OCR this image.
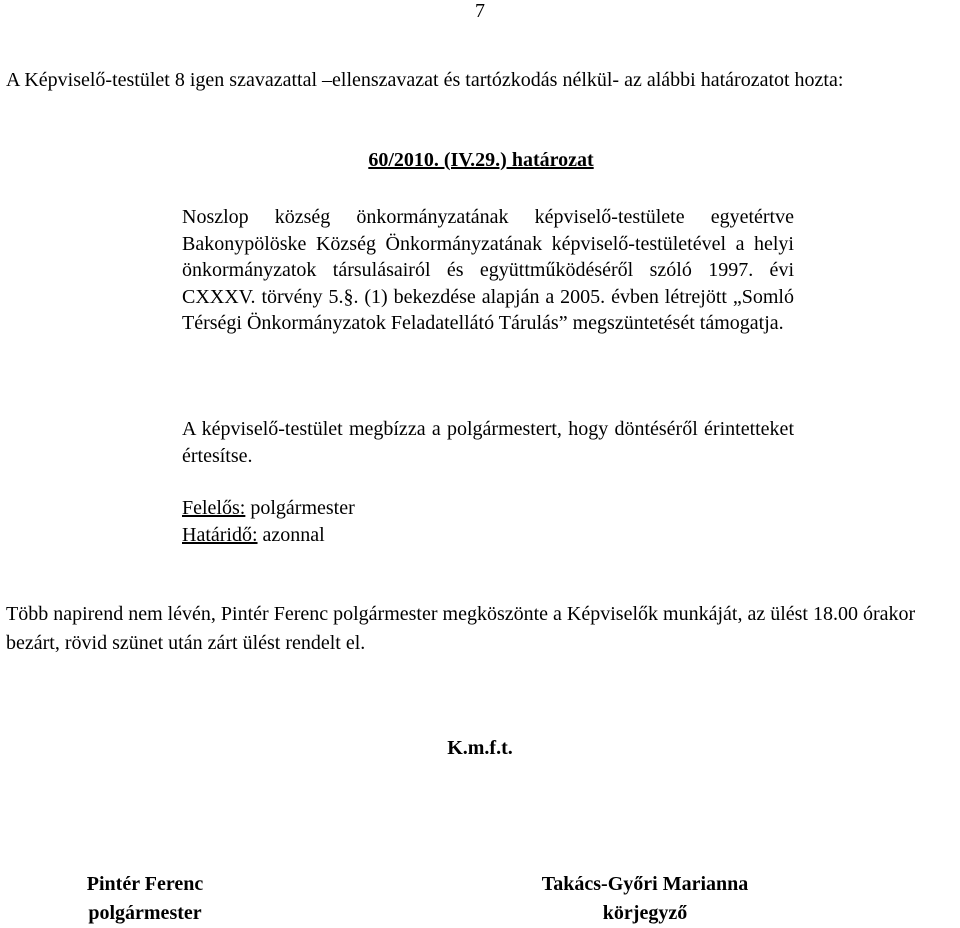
7
A Képviselő-testület 8 igen szavazattal –ellenszavazat és tartózkodás nélkül- az alábbi határozatot hozta:
60/2010. (IV.29.) határozat
Noszlop község önkormányzatának képviselő-testülete egyetértve Bakonypölöske Község Önkormányzatának képviselő-testületével a helyi önkormányzatok társulásairól és együttműködéséről szóló 1997. évi CXXXV. törvény 5.§. (1) bekezdése alapján a 2005. évben létrejött „Somló Térségi Önkormányzatok Feladatellátó Tárulás” megszüntetését támogatja.
A képviselő-testület megbízza a polgármestert, hogy döntéséről érintetteket értesítse.
Felelős: polgármester
Határidő: azonnal
Több napirend nem lévén, Pintér Ferenc polgármester megköszönte a Képviselők munkáját, az ülést 18.00 órakor bezárt, rövid szünet után zárt ülést rendelt el.
K.m.f.t.
Pintér Ferenc
polgármester
Takács-Győri Marianna
körjegyző
